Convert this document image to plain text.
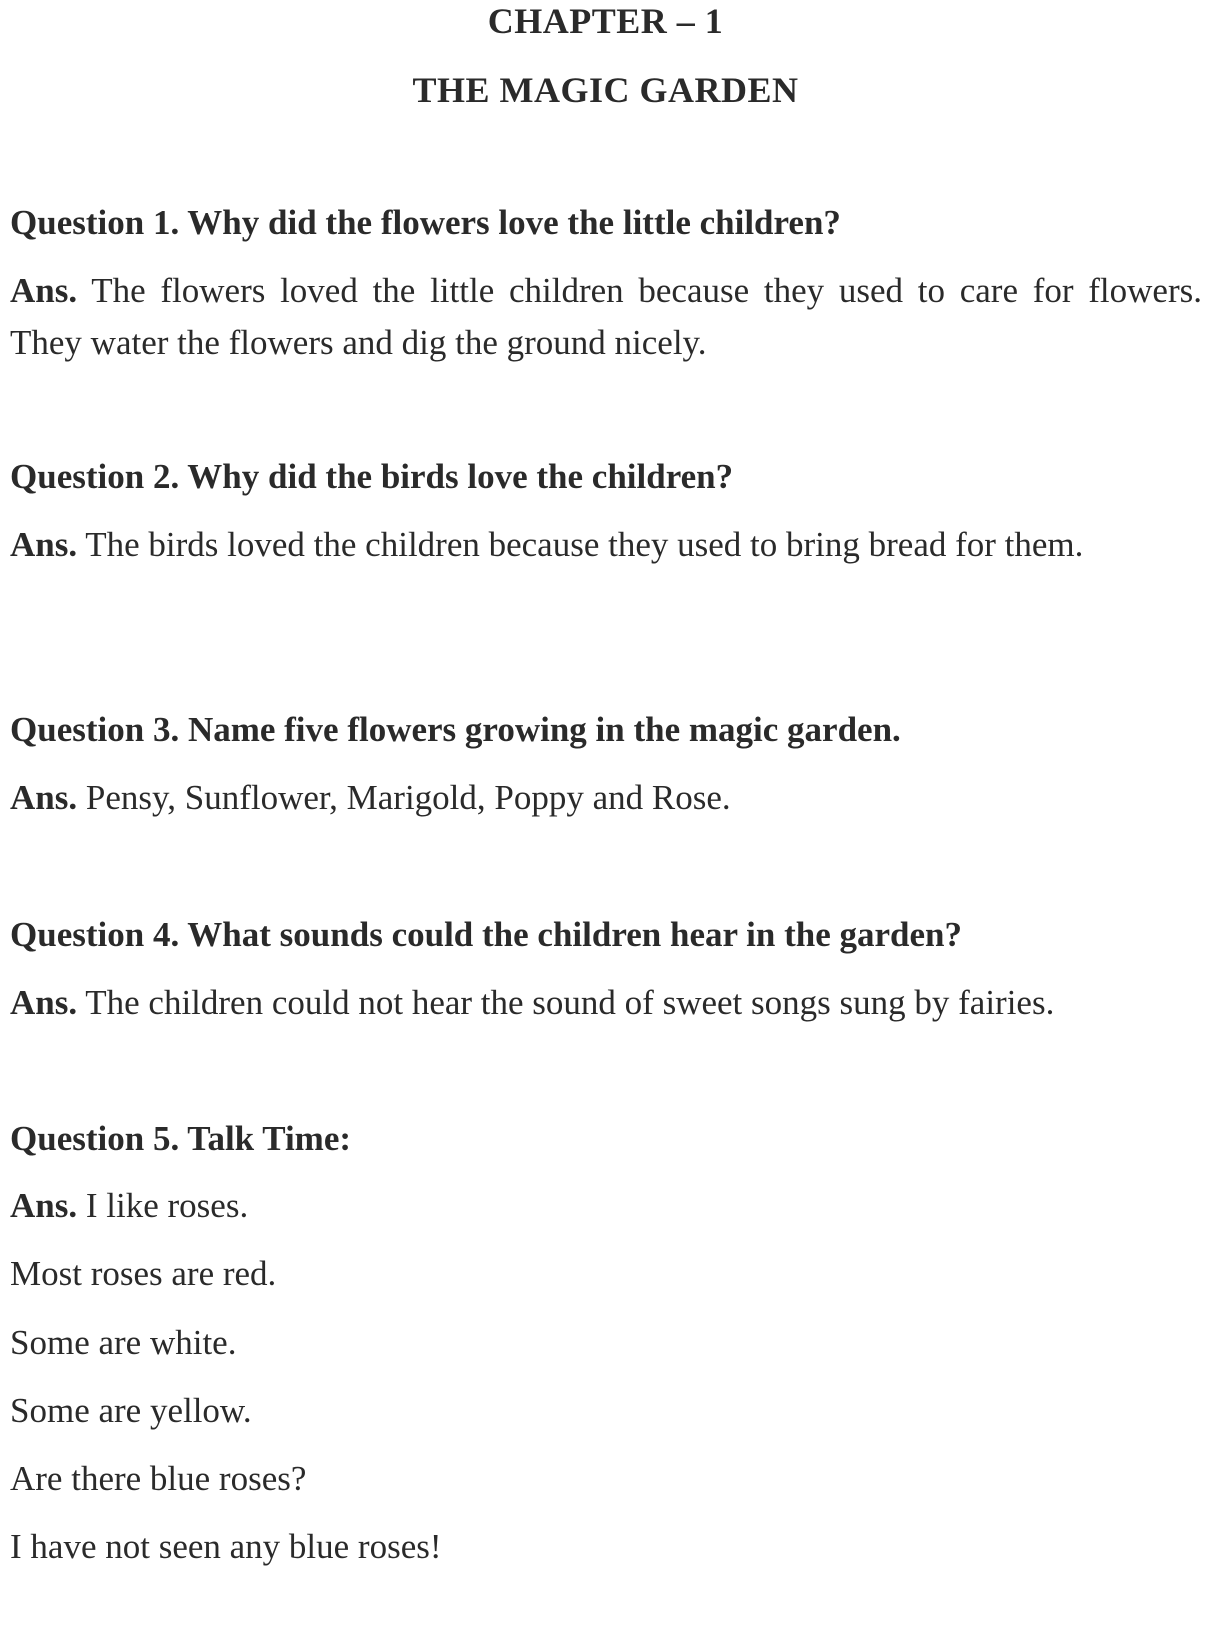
CHAPTER – 1
THE MAGIC GARDEN

Question 1. Why did the flowers love the little children?

Ans. The flowers loved the little children because they used to care for flowers. They water the flowers and dig the ground nicely.

Question 2. Why did the birds love the children?

Ans. The birds loved the children because they used to bring bread for them.

Question 3. Name five flowers growing in the magic garden.

Ans. Pensy, Sunflower, Marigold, Poppy and Rose.

Question 4. What sounds could the children hear in the garden?

Ans. The children could not hear the sound of sweet songs sung by fairies.

Question 5. Talk Time:

Ans. I like roses.

Most roses are red.

Some are white.

Some are yellow.

Are there blue roses?

I have not seen any blue roses!
